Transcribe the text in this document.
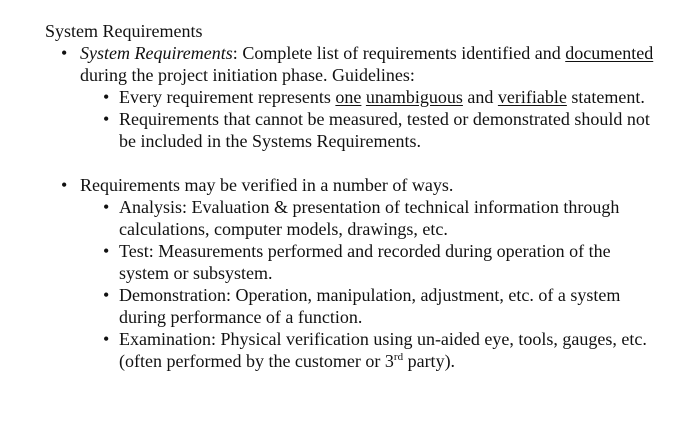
System Requirements

• System Requirements: Complete list of requirements identified and documented during the project initiation phase. Guidelines:
• Every requirement represents one unambiguous and verifiable statement.
• Requirements that cannot be measured, tested or demonstrated should not be included in the Systems Requirements.
• Requirements may be verified in a number of ways.
• Analysis: Evaluation & presentation of technical information through calculations, computer models, drawings, etc.
• Test: Measurements performed and recorded during operation of the system or subsystem.
• Demonstration: Operation, manipulation, adjustment, etc. of a system during performance of a function.
• Examination: Physical verification using un-aided eye, tools, gauges, etc. (often performed by the customer or 3rd party).
